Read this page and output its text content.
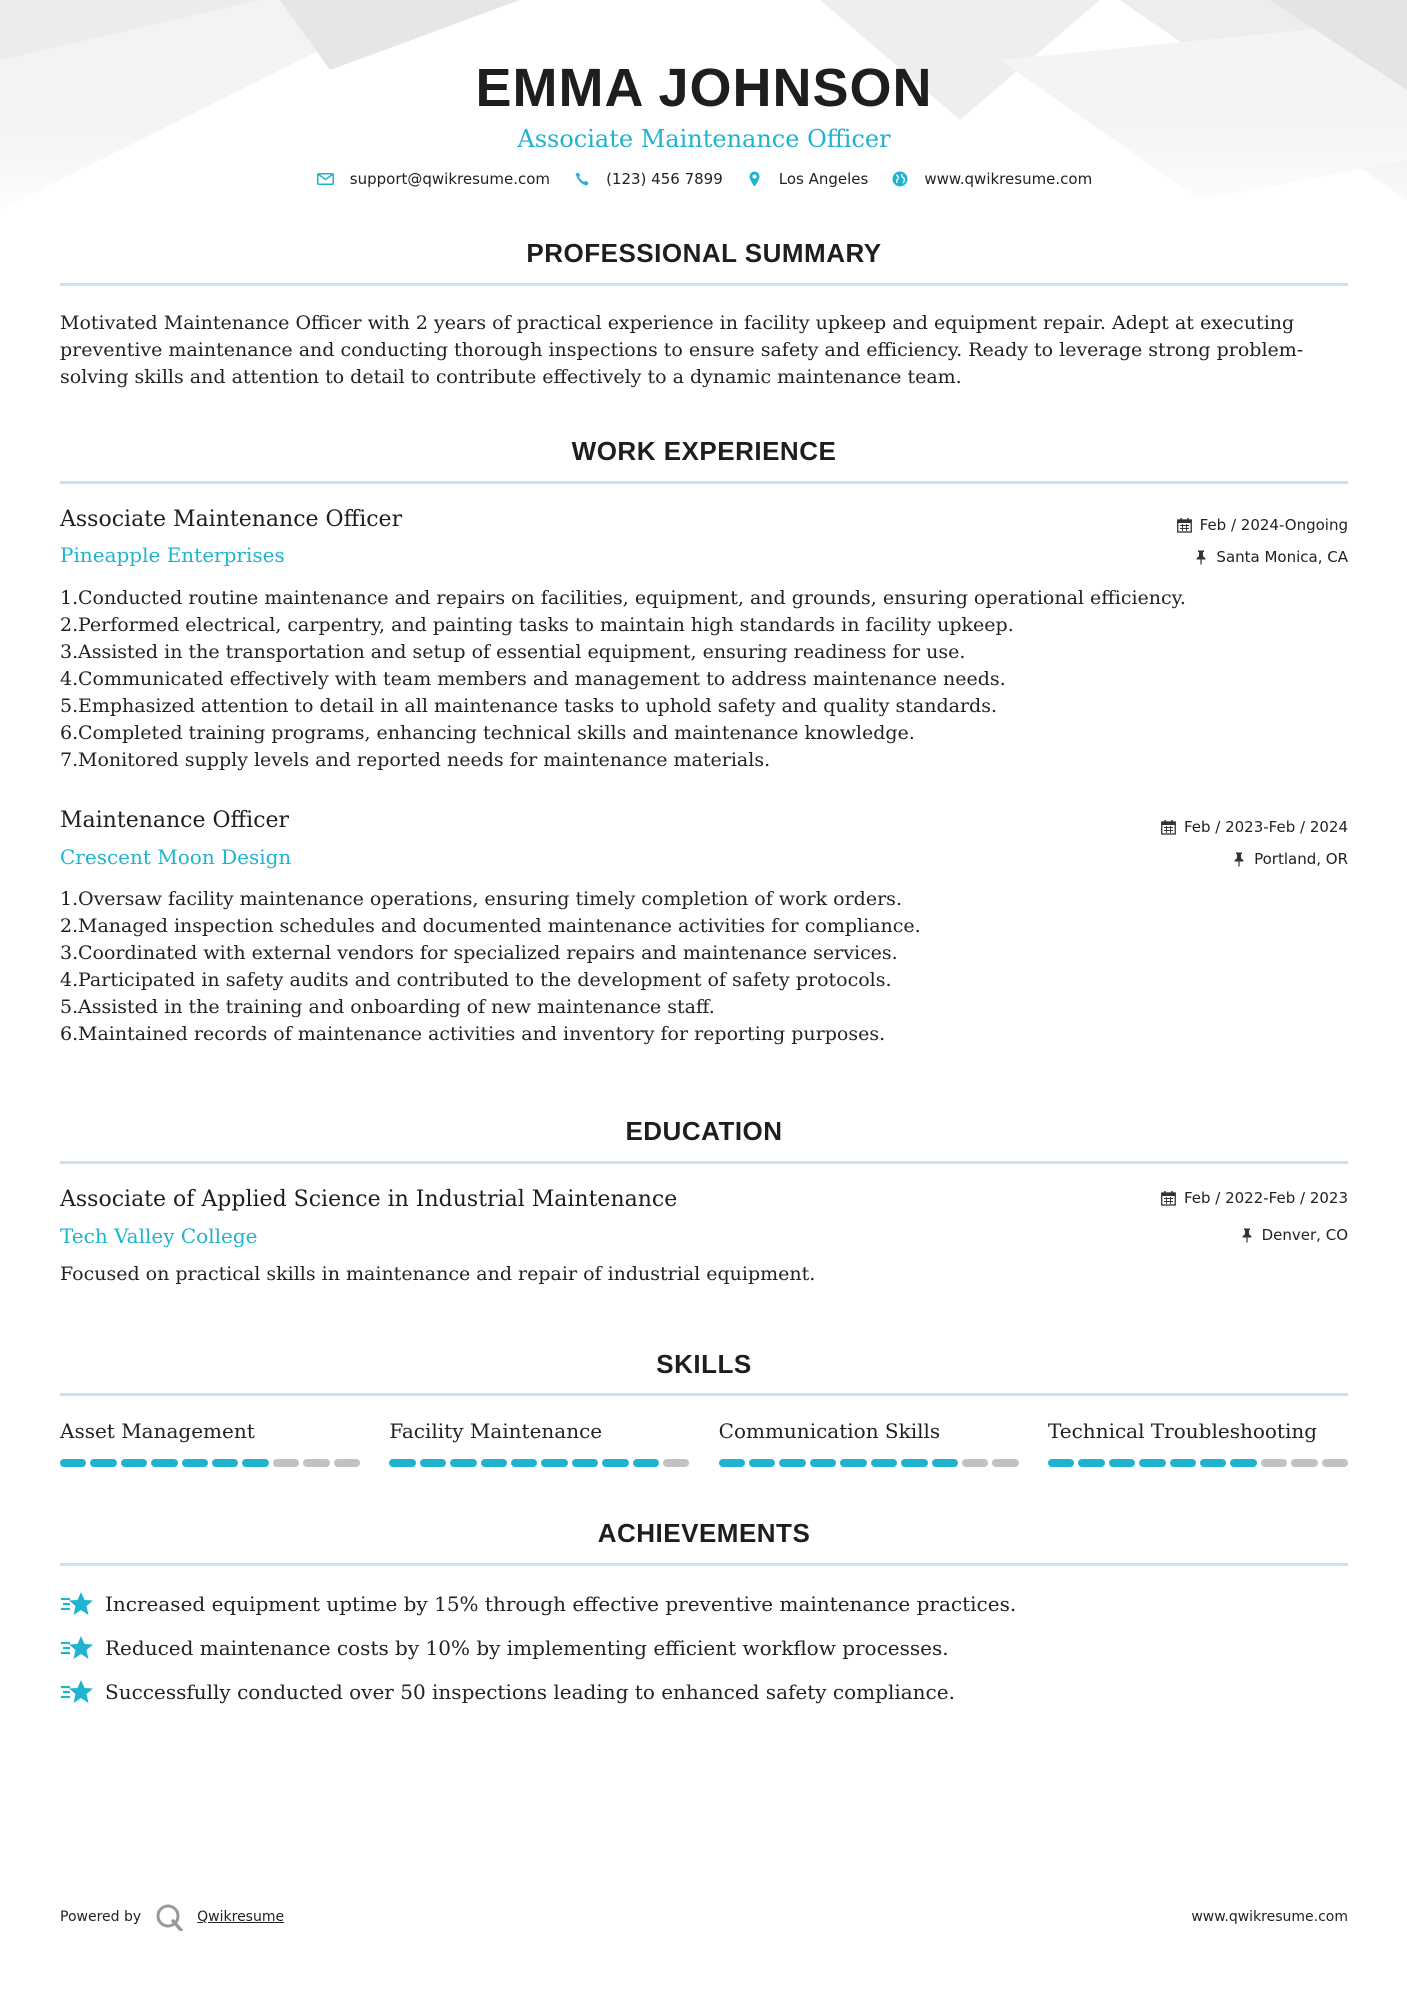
EMMA JOHNSON
Associate Maintenance Officer
support@qwikresume.com	(123) 456 7899	Los Angeles	www.qwikresume.com
PROFESSIONAL SUMMARY
Motivated Maintenance Officer with 2 years of practical experience in facility upkeep and equipment repair. Adept at executing preventive maintenance and conducting thorough inspections to ensure safety and efficiency. Ready to leverage strong problem-solving skills and attention to detail to contribute effectively to a dynamic maintenance team.
WORK EXPERIENCE
Associate Maintenance Officer
Pineapple Enterprises
Feb / 2024-Ongoing
Santa Monica, CA
1. Conducted routine maintenance and repairs on facilities, equipment, and grounds, ensuring operational efficiency.
2. Performed electrical, carpentry, and painting tasks to maintain high standards in facility upkeep.
3. Assisted in the transportation and setup of essential equipment, ensuring readiness for use.
4. Communicated effectively with team members and management to address maintenance needs.
5. Emphasized attention to detail in all maintenance tasks to uphold safety and quality standards.
6. Completed training programs, enhancing technical skills and maintenance knowledge.
7. Monitored supply levels and reported needs for maintenance materials.
Maintenance Officer
Crescent Moon Design
Feb / 2023-Feb / 2024
Portland, OR
1. Oversaw facility maintenance operations, ensuring timely completion of work orders.
2. Managed inspection schedules and documented maintenance activities for compliance.
3. Coordinated with external vendors for specialized repairs and maintenance services.
4. Participated in safety audits and contributed to the development of safety protocols.
5. Assisted in the training and onboarding of new maintenance staff.
6. Maintained records of maintenance activities and inventory for reporting purposes.
EDUCATION
Associate of Applied Science in Industrial Maintenance
Tech Valley College
Feb / 2022-Feb / 2023
Denver, CO
Focused on practical skills in maintenance and repair of industrial equipment.
SKILLS
Asset Management	Facility Maintenance	Communication Skills	Technical Troubleshooting
ACHIEVEMENTS
Increased equipment uptime by 15% through effective preventive maintenance practices.
Reduced maintenance costs by 10% by implementing efficient workflow processes.
Successfully conducted over 50 inspections leading to enhanced safety compliance.
Powered by	Qwikresume	www.qwikresume.com
